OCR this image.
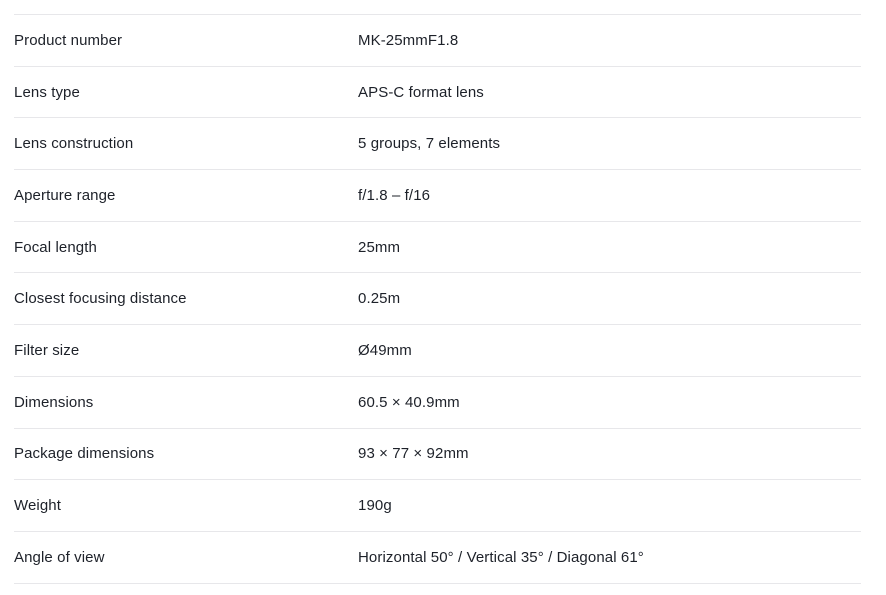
Product number	MK-25mmF1.8
Lens type	APS-C format lens
Lens construction	5 groups, 7 elements
Aperture range	f/1.8 – f/16
Focal length	25mm
Closest focusing distance	0.25m
Filter size	Ø49mm
Dimensions	60.5 × 40.9mm
Package dimensions	93 × 77 × 92mm
Weight	190g
Angle of view	Horizontal 50° / Vertical 35° / Diagonal 61°
